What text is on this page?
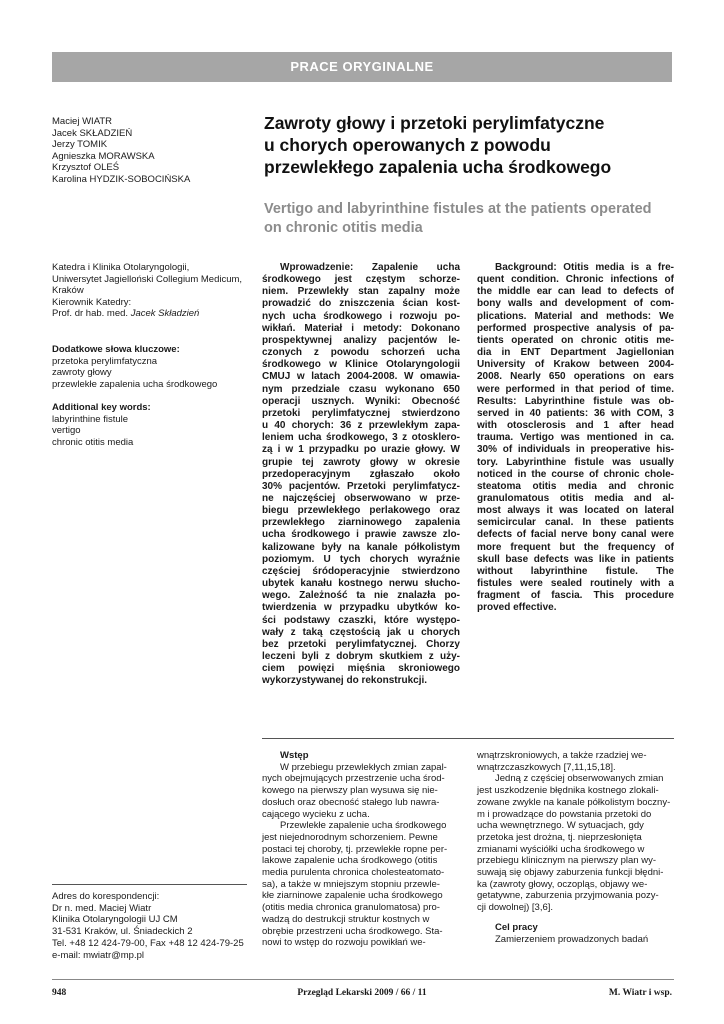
PRACE ORYGINALNE
Maciej WIATR
Jacek SKŁADZIEŃ
Jerzy TOMIK
Agnieszka MORAWSKA
Krzysztof OLEŚ
Karolina HYDZIK-SOBOCIŃSKA
Zawroty głowy i przetoki perylimfatyczne
u chorych operowanych z powodu
przewlekłego zapalenia ucha środkowego
Vertigo and labyrinthine fistules at the patients operated
on chronic otitis media
Katedra i Klinika Otolaryngologii,
Uniwersytet Jagielloński Collegium Medicum,
Kraków
Kierownik Katedry:
Prof. dr hab. med. Jacek Składzień
Dodatkowe słowa kluczowe:
przetoka perylimfatyczna
zawroty głowy
przewlekłe zapalenia ucha środkowego
Additional key words:
labyrinthine fistule
vertigo
chronic otitis media
Wprowadzenie: Zapalenie ucha
środkowego jest częstym schorze-
niem. Przewlekły stan zapalny może
prowadzić do zniszczenia ścian kost-
nych ucha środkowego i rozwoju po-
wikłań. Materiał i metody: Dokonano
prospektywnej analizy pacjentów le-
czonych z powodu schorzeń ucha
środkowego w Klinice Otolaryngologii
CMUJ w latach 2004-2008. W omawia-
nym przedziale czasu wykonano 650
operacji usznych. Wyniki: Obecność
przetoki perylimfatycznej stwierdzono
u 40 chorych: 36 z przewlekłym zapa-
leniem ucha środkowego, 3 z otosklero-
zą i w 1 przypadku po urazie głowy. W
grupie tej zawroty głowy w okresie
przedoperacyjnym zgłaszało około
30% pacjentów. Przetoki perylimfatycz-
ne najczęściej obserwowano w prze-
biegu przewlekłego perlakowego oraz
przewlekłego ziarninowego zapalenia
ucha środkowego i prawie zawsze zlo-
kalizowane były na kanale półkolistym
poziomym. U tych chorych wyraźnie
częściej śródoperacyjnie stwierdzono
ubytek kanału kostnego nerwu słucho-
wego. Zależność ta nie znalazła po-
twierdzenia w przypadku ubytków ko-
ści podstawy czaszki, które występo-
wały z taką częstością jak u chorych
bez przetoki perylimfatycznej. Chorzy
leczeni byli z dobrym skutkiem z uży-
ciem powięzi mięśnia skroniowego
wykorzystywanej do rekonstrukcji.
Background: Otitis media is a fre-
quent condition. Chronic infections of
the middle ear can lead to defects of
bony walls and development of com-
plications. Material and methods: We
performed prospective analysis of pa-
tients operated on chronic otitis me-
dia in ENT Department Jagiellonian
University of Krakow between 2004-
2008. Nearly 650 operations on ears
were performed in that period of time.
Results: Labyrinthine fistule was ob-
served in 40 patients: 36 with COM, 3
with otosclerosis and 1 after head
trauma. Vertigo was mentioned in ca.
30% of individuals in preoperative his-
tory. Labyrinthine fistule was usually
noticed in the course of chronic chole-
steatoma otitis media and chronic
granulomatous otitis media and al-
most always it was located on lateral
semicircular canal. In these patients
defects of facial nerve bony canal were
more frequent but the frequency of
skull base defects was like in patients
without labyrinthine fistule. The
fistules were sealed routinely with a
fragment of fascia. This procedure
proved effective.
Wstęp
W przebiegu przewlekłych zmian zapal-
nych obejmujących przestrzenie ucha środ-
kowego na pierwszy plan wysuwa się nie-
dosłuch oraz obecność stałego lub nawra-
cającego wycieku z ucha.
Przewlekłe zapalenie ucha środkowego
jest niejednorodnym schorzeniem. Pewne
postaci tej choroby, tj. przewlekłe ropne per-
lakowe zapalenie ucha środkowego (otitis
media purulenta chronica cholesteatomato-
sa), a także w mniejszym stopniu przewle-
kłe ziarninowe zapalenie ucha środkowego
(otitis media chronica granulomatosa) pro-
wadzą do destrukcji struktur kostnych w
obrębie przestrzeni ucha środkowego. Sta-
nowi to wstęp do rozwoju powikłań we-
wnątrzskroniowych, a także rzadziej we-
wnątrzczaszkowych [7,11,15,18].
Jedną z częściej obserwowanych zmian
jest uszkodzenie błędnika kostnego zlokali-
zowane zwykle na kanale półkolistym boczny-
m i prowadzące do powstania przetoki do
ucha wewnętrznego. W sytuacjach, gdy
przetoka jest drożna, tj. nieprzesłonięta
zmianami wyściółki ucha środkowego w
przebiegu klinicznym na pierwszy plan wy-
suwają się objawy zaburzenia funkcji błędni-
ka (zawroty głowy, oczopląs, objawy we-
getatywne, zaburzenia przyjmowania pozy-
cji dowolnej) [3,6].
Cel pracy
Zamierzeniem prowadzonych badań
Adres do korespondencji:
Dr n. med. Maciej Wiatr
Klinika Otolaryngologii UJ CM
31-531 Kraków, ul. Śniadeckich 2
Tel. +48 12 424-79-00, Fax +48 12 424-79-25
e-mail: mwiatr@mp.pl
948	Przegląd Lekarski 2009 / 66 / 11	M. Wiatr i wsp.
